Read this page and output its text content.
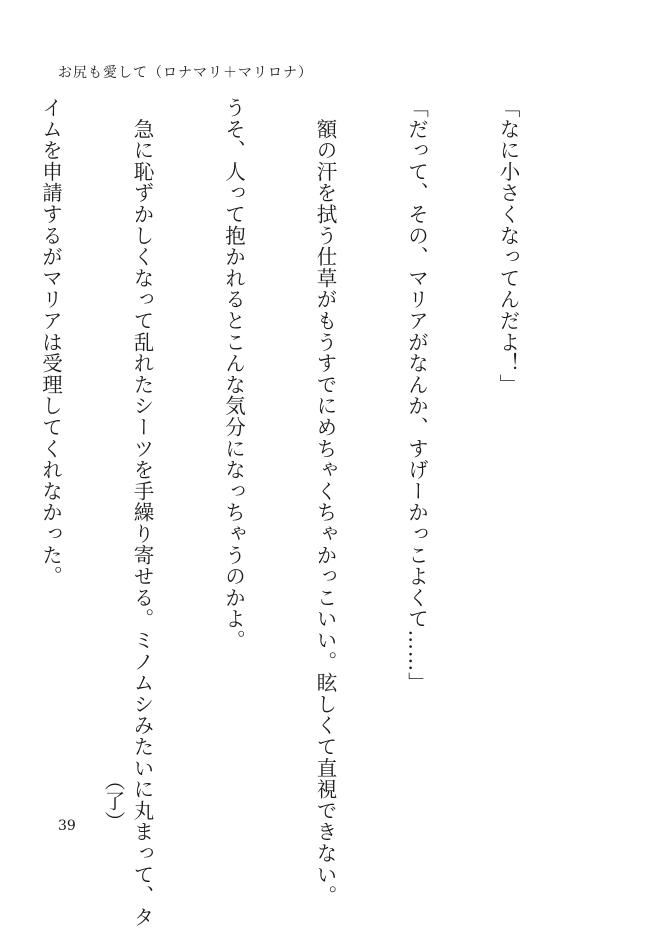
お尻も愛して（ロナマリ＋マリロナ）

「なに小さくなってんだよ！」

「だって、その、マリアがなんか、すげーかっこよくて……」

　額の汗を拭う仕草がもうすでにめちゃくちゃかっこいい。眩しくて直視できない。

うそ、人って抱かれるとこんな気分になっちゃうのかよ。

　急に恥ずかしくなって乱れたシーツを手繰り寄せる。ミノムシみたいに丸まって、タ

イムを申請するがマリアは受理してくれなかった。

（了）
39
